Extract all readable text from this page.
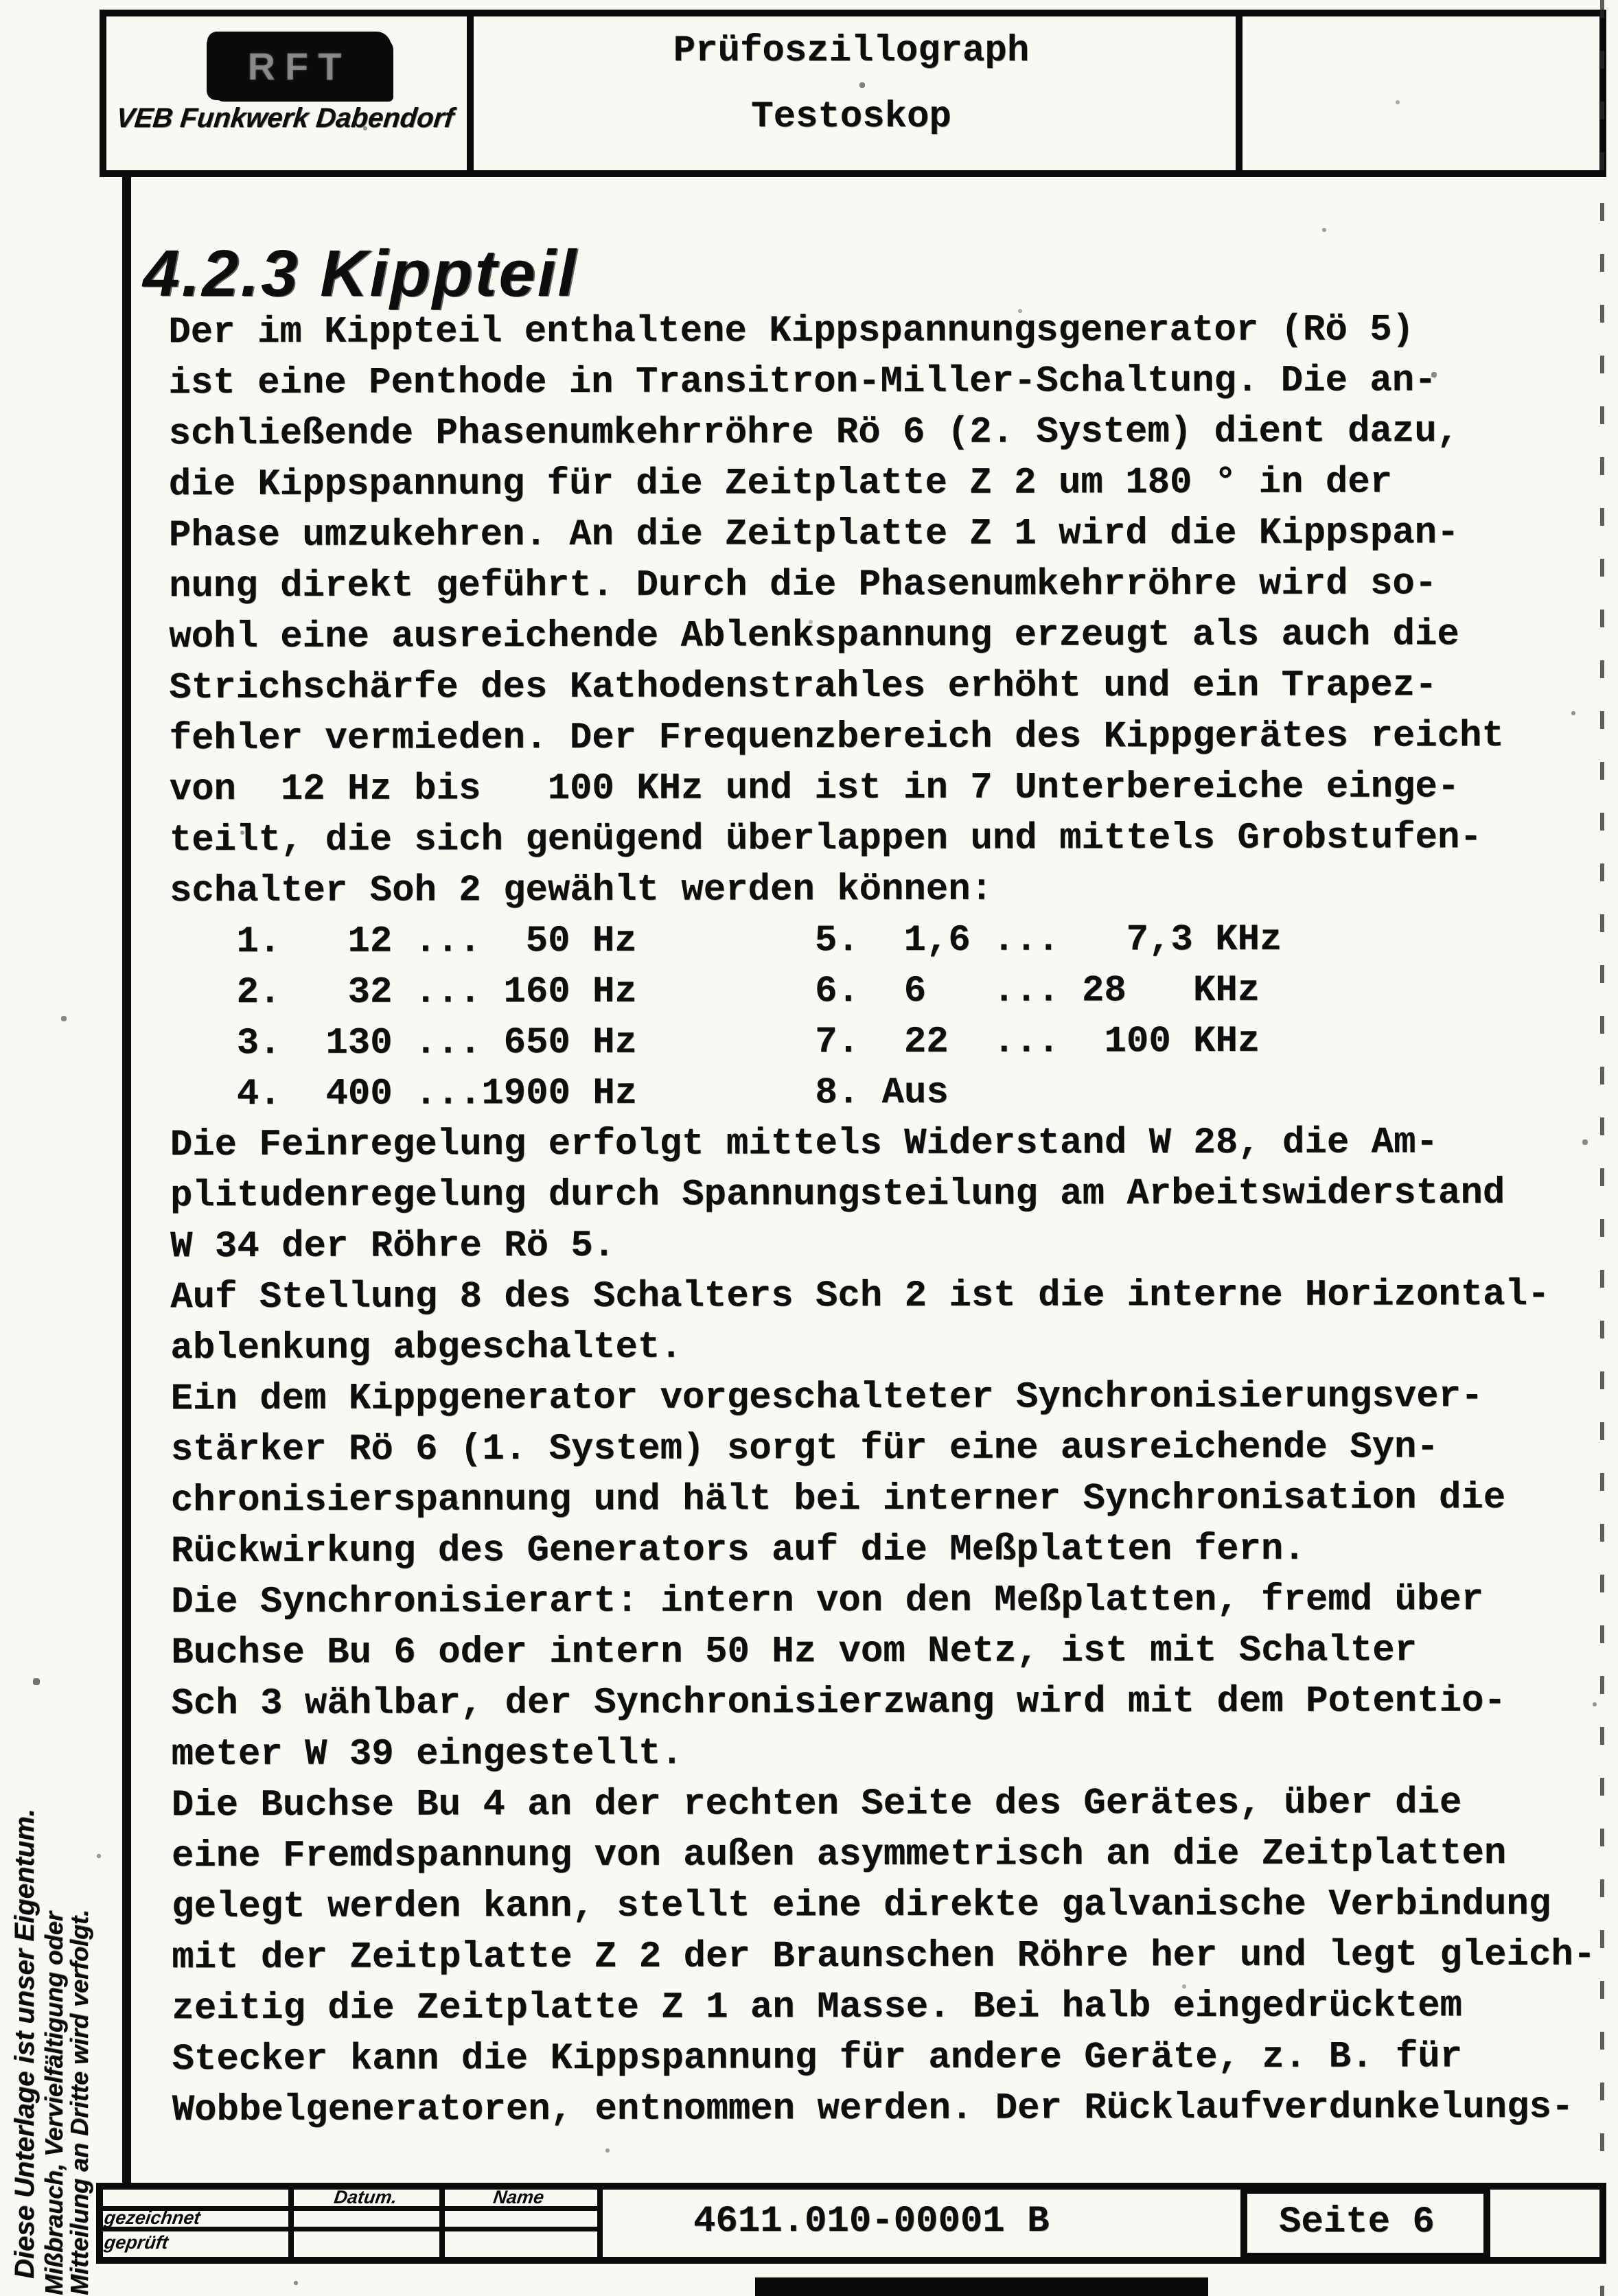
RFT
VEB Funkwerk Dabendorf
Prüfoszillograph
Testoskop
4.2.3 Kippteil
Der im Kippteil enthaltene Kippspannungsgenerator (Rö 5)
ist eine Penthode in Transitron-Miller-Schaltung. Die an-
schließende Phasenumkehrröhre Rö 6 (2. System) dient dazu,
die Kippspannung für die Zeitplatte Z 2 um 180 ° in der
Phase umzukehren. An die Zeitplatte Z 1 wird die Kippspan-
nung direkt geführt. Durch die Phasenumkehrröhre wird so-
wohl eine ausreichende Ablenkspannung erzeugt als auch die
Strichschärfe des Kathodenstrahles erhöht und ein Trapez-
fehler vermieden. Der Frequenzbereich des Kippgerätes reicht
von  12 Hz bis   100 KHz und ist in 7 Unterbereiche einge-
teilt, die sich genügend überlappen und mittels Grobstufen-
schalter Soh 2 gewählt werden können:
1.   12 ...  50 Hz        5.  1,6 ...   7,3 KHz
2.   32 ... 160 Hz        6.  6   ... 28   KHz
3.  130 ... 650 Hz        7.  22  ...  100 KHz
4.  400 ...1900 Hz        8. Aus
Die Feinregelung erfolgt mittels Widerstand W 28, die Am-
plitudenregelung durch Spannungsteilung am Arbeitswiderstand
W 34 der Röhre Rö 5.
Auf Stellung 8 des Schalters Sch 2 ist die interne Horizontal-
ablenkung abgeschaltet.
Ein dem Kippgenerator vorgeschalteter Synchronisierungsver-
stärker Rö 6 (1. System) sorgt für eine ausreichende Syn-
chronisierspannung und hält bei interner Synchronisation die
Rückwirkung des Generators auf die Meßplatten fern.
Die Synchronisierart: intern von den Meßplatten, fremd über
Buchse Bu 6 oder intern 50 Hz vom Netz, ist mit Schalter
Sch 3 wählbar, der Synchronisierzwang wird mit dem Potentio-
meter W 39 eingestellt.
Die Buchse Bu 4 an der rechten Seite des Gerätes, über die
eine Fremdspannung von außen asymmetrisch an die Zeitplatten
gelegt werden kann, stellt eine direkte galvanische Verbindung
mit der Zeitplatte Z 2 der Braunschen Röhre her und legt gleich-
zeitig die Zeitplatte Z 1 an Masse. Bei halb eingedrücktem
Stecker kann die Kippspannung für andere Geräte, z. B. für
Wobbelgeneratoren, entnommen werden. Der Rücklaufverdunkelungs-
Diese Unterlage ist unser Eigentum. Mißbrauch, Vervielfältigung oder
Mitteilung an Dritte wird verfolgt.	Datum.	Name
gezeichnet
geprüft	4611.010-00001 B	Seite 6
